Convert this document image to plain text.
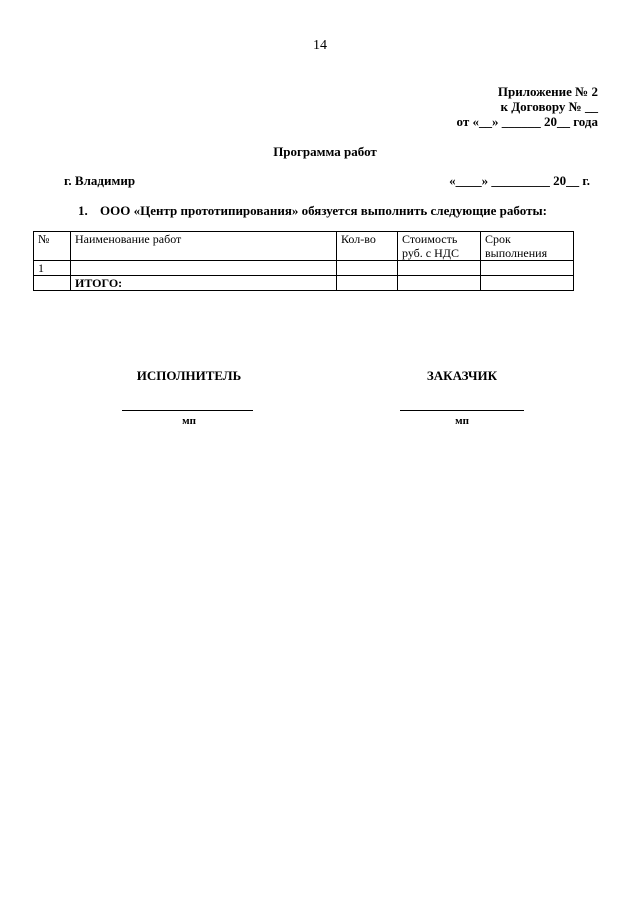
14
Приложение № 2
к Договору № __
от «__» ______ 20__ года
Программа работ
г. Владимир	«____» _________ 20__ г.
1. ООО «Центр прототипирования» обязуется выполнить следующие работы:
№	Наименование работ	Кол-во	Стоимость руб. с НДС	Срок выполнения
1				
	ИТОГО:			
ИСПОЛНИТЕЛЬ
мп
ЗАКАЗЧИК
мп
